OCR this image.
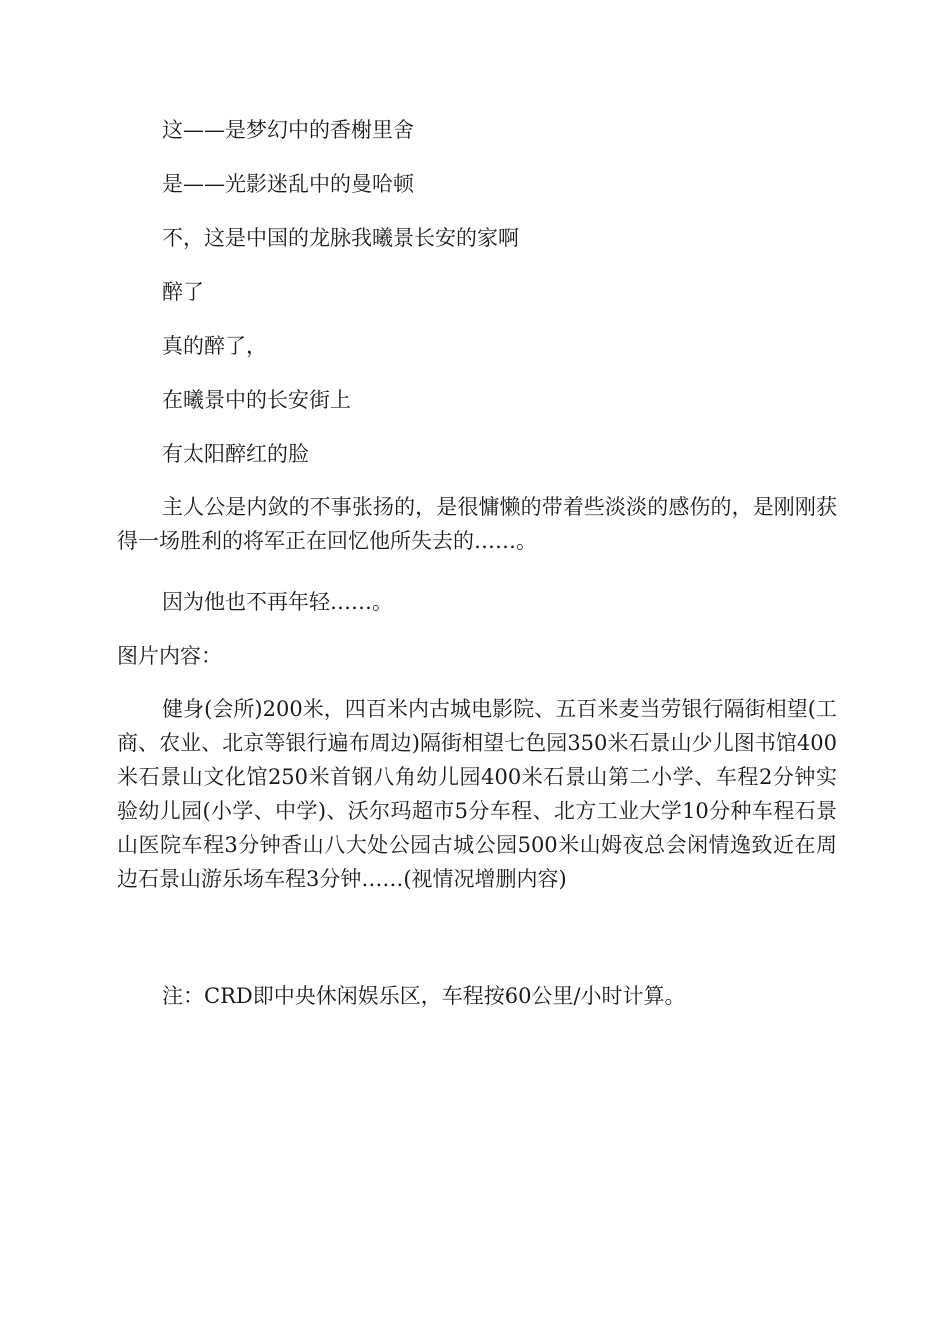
这——是梦幻中的香榭里舍

是——光影迷乱中的曼哈顿

不，这是中国的龙脉我曦景长安的家啊

醉了

真的醉了，

在曦景中的长安街上

有太阳醉红的脸

主人公是内敛的不事张扬的，是很慵懒的带着些淡淡的感伤的，是刚刚获得一场胜利的将军正在回忆他所失去的……。

因为他也不再年轻……。

图片内容：

健身(会所)200米，四百米内古城电影院、五百米麦当劳银行隔街相望(工商、农业、北京等银行遍布周边)隔街相望七色园350米石景山少儿图书馆400米石景山文化馆250米首钢八角幼儿园400米石景山第二小学、车程2分钟实验幼儿园(小学、中学)、沃尔玛超市5分车程、北方工业大学10分种车程石景山医院车程3分钟香山八大处公园古城公园500米山姆夜总会闲情逸致近在周边石景山游乐场车程3分钟……(视情况增删内容)

注：CRD即中央休闲娱乐区，车程按60公里/小时计算。
